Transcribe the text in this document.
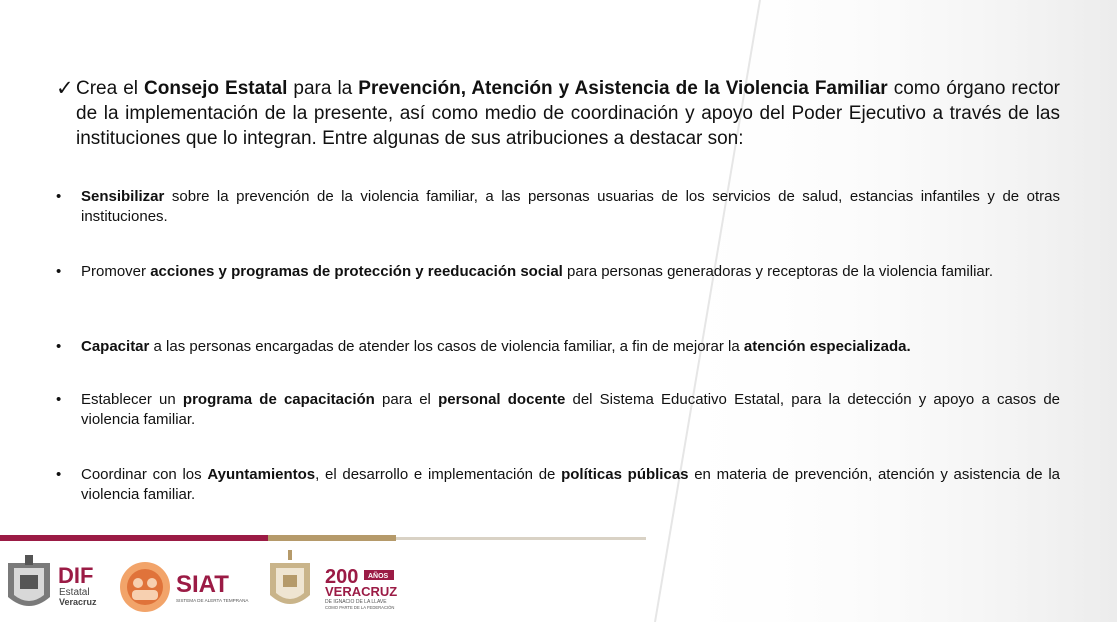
✓ Crea el Consejo Estatal para la Prevención, Atención y Asistencia de la Violencia Familiar como órgano rector de la implementación de la presente, así como medio de coordinación y apoyo del Poder Ejecutivo a través de las instituciones que lo integran. Entre algunas de sus atribuciones a destacar son:
• Sensibilizar sobre la prevención de la violencia familiar, a las personas usuarias de los servicios de salud, estancias infantiles y de otras instituciones.
• Promover acciones y programas de protección y reeducación social para personas generadoras y receptoras de la violencia familiar.
• Capacitar a las personas encargadas de atender los casos de violencia familiar, a fin de mejorar la atención especializada.
• Establecer un programa de capacitación para el personal docente del Sistema Educativo Estatal, para la detección y apoyo a casos de violencia familiar.
• Coordinar con los Ayuntamientos, el desarrollo e implementación de políticas públicas en materia de prevención, atención y asistencia de la violencia familiar.
DIF
Estatal
Veracruz
SIAT
SISTEMA DE ALERTA TEMPRANA
200 AÑOS
VERACRUZ
DE IGNACIO DE LA LLAVE
COMO PARTE DE LA FEDERACIÓN
